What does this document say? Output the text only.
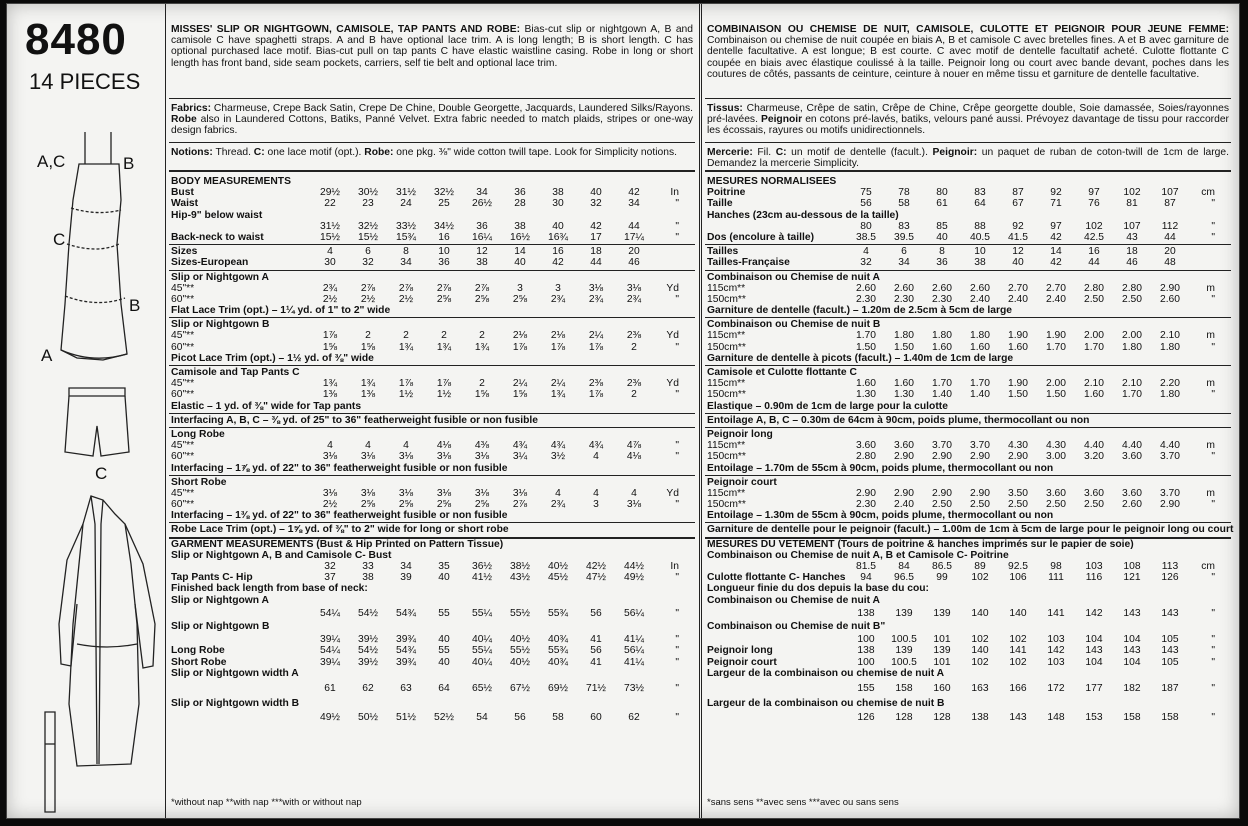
8480
14 PIECES
A,C	B
C
B
A
C
MISSES' SLIP OR NIGHTGOWN, CAMISOLE, TAP PANTS AND ROBE: Bias-cut slip or nightgown A, B and camisole C have spaghetti straps. A and B have optional lace trim. A is long length; B is short length. C has optional purchased lace motif. Bias-cut pull on tap pants C have elastic waistline casing. Robe in long or short length has front band, side seam pockets, carriers, self tie belt and optional lace trim.
Fabrics: Charmeuse, Crepe Back Satin, Crepe De Chine, Double Georgette, Jacquards, Laundered Silks/Rayons. Robe also in Laundered Cottons, Batiks, Panné Velvet. Extra fabric needed to match plaids, stripes or one-way design fabrics.
Notions: Thread. C: one lace motif (opt.). Robe: one pkg. ⅜" wide cotton twill tape. Look for Simplicity notions.
BODY MEASUREMENTS
Bust	29½	30½	31½	32½	34	36	38	40	42	In
Waist	22	23	24	25	26½	28	30	32	34	"
Hip-9" below waist
31½	32½	33½	34½	36	38	40	42	44	"
Back-neck to waist	15½	15½	15¾	16	16¼	16½	16¾	17	17¼	"
Sizes	4	6	8	10	12	14	16	18	20
Sizes-European	30	32	34	36	38	40	42	44	46
Slip or Nightgown A
45"**	2¾	2⅞	2⅞	2⅞	2⅞	3	3	3⅛	3⅛	Yd
60"**	2½	2½	2½	2⅝	2⅝	2⅝	2¾	2¾	2¾	"
Flat Lace Trim (opt.) – 1¼ yd. of 1" to 2" wide
Slip or Nightgown B
45"**	1⅞	2	2	2	2	2⅛	2⅛	2¼	2⅜	Yd
60"**	1⅝	1⅝	1¾	1¾	1¾	1⅞	1⅞	1⅞	2	"
Picot Lace Trim (opt.) – 1½ yd. of ⅜" wide
Camisole and Tap Pants C
45"**	1¾	1¾	1⅞	1⅞	2	2¼	2¼	2⅜	2⅜	Yd
60"**	1⅜	1⅜	1½	1½	1⅝	1⅝	1¾	1⅞	2	"
Elastic – 1 yd. of ⅜" wide for Tap pants
Interfacing A, B, C – ⅜ yd. of 25" to 36" featherweight fusible or non fusible
Long Robe
45"**	4	4	4	4⅛	4⅜	4¾	4¾	4¾	4⅞	"
60"**	3⅛	3⅛	3⅛	3⅛	3⅛	3¼	3½	4	4⅛	"
Interfacing – 1⅞ yd. of 22" to 36" featherweight fusible or non fusible
Short Robe
45"**	3⅛	3⅛	3⅛	3⅛	3⅛	3⅛	4	4	4	Yd
60"**	2½	2⅝	2⅝	2⅝	2⅝	2⅞	2¾	3	3⅛	"
Interfacing – 1⅜ yd. of 22" to 36" featherweight fusible or non fusible
Robe Lace Trim (opt.) – 1⅝ yd. of ⅜" to 2" wide for long or short robe
GARMENT MEASUREMENTS (Bust & Hip Printed on Pattern Tissue)
Slip or Nightgown A, B and Camisole C- Bust
32	33	34	35	36½	38½	40½	42½	44½	In
Tap Pants C- Hip	37	38	39	40	41½	43½	45½	47½	49½	"
Finished back length from base of neck:
Slip or Nightgown A
54¼	54½	54¾	55	55¼	55½	55¾	56	56¼	"
Slip or Nightgown B
39¼	39½	39¾	40	40¼	40½	40¾	41	41¼	"
Long Robe	54¼	54½	54¾	55	55¼	55½	55¾	56	56¼	"
Short Robe	39¼	39½	39¾	40	40¼	40½	40¾	41	41¼	"
Slip or Nightgown width A
61	62	63	64	65½	67½	69½	71½	73½	"
Slip or Nightgown width B
49½	50½	51½	52½	54	56	58	60	62	"
*without nap **with nap ***with or without nap
COMBINAISON OU CHEMISE DE NUIT, CAMISOLE, CULOTTE ET PEIGNOIR POUR JEUNE FEMME: Combinaison ou chemise de nuit coupée en biais A, B et camisole C avec bretelles fines. A et B avec garniture de dentelle facultative. A est longue; B est courte. C avec motif de dentelle facultatif acheté. Culotte flottante C coupée en biais avec élastique coulissé à la taille. Peignoir long ou court avec bande devant, poches dans les coutures de côtés, passants de ceinture, ceinture à nouer en même tissu et garniture de dentelle facultative.
Tissus: Charmeuse, Crêpe de satin, Crêpe de Chine, Crêpe georgette double, Soie damassée, Soies/rayonnes pré-lavées. Peignoir en cotons pré-lavés, batiks, velours pané aussi. Prévoyez davantage de tissu pour raccorder les écossais, rayures ou motifs unidirectionnels.
Mercerie: Fil. C: un motif de dentelle (facult.). Peignoir: un paquet de ruban de coton-twill de 1cm de large. Demandez la mercerie Simplicity.
MESURES NORMALISEES
Poitrine	75	78	80	83	87	92	97	102	107	cm
Taille	56	58	61	64	67	71	76	81	87	"
Hanches (23cm au-dessous de la taille)
80	83	85	88	92	97	102	107	112	"
Dos (encolure à taille)	38.5	39.5	40	40.5	41.5	42	42.5	43	44	"
Tailles	4	6	8	10	12	14	16	18	20
Tailles-Française	32	34	36	38	40	42	44	46	48
Combinaison ou Chemise de nuit A
115cm**	2.60	2.60	2.60	2.60	2.70	2.70	2.80	2.80	2.90	m
150cm**	2.30	2.30	2.30	2.40	2.40	2.40	2.50	2.50	2.60	"
Garniture de dentelle (facult.) – 1.20m de 2.5cm à 5cm de large
Combinaison ou Chemise de nuit B
115cm**	1.70	1.80	1.80	1.80	1.90	1.90	2.00	2.00	2.10	m
150cm**	1.50	1.50	1.60	1.60	1.60	1.70	1.70	1.80	1.80	"
Garniture de dentelle à picots (facult.) – 1.40m de 1cm de large
Camisole et Culotte flottante C
115cm**	1.60	1.60	1.70	1.70	1.90	2.00	2.10	2.10	2.20	m
150cm**	1.30	1.30	1.40	1.40	1.50	1.50	1.60	1.70	1.80	"
Elastique – 0.90m de 1cm de large pour la culotte
Entoilage A, B, C – 0.30m de 64cm à 90cm, poids plume, thermocollant ou non
Peignoir long
115cm**	3.60	3.60	3.70	3.70	4.30	4.30	4.40	4.40	4.40	m
150cm**	2.80	2.90	2.90	2.90	2.90	3.00	3.20	3.60	3.70	"
Entoilage – 1.70m de 55cm à 90cm, poids plume, thermocollant ou non
Peignoir court
115cm**	2.90	2.90	2.90	2.90	3.50	3.60	3.60	3.60	3.70	m
150cm**	2.30	2.40	2.50	2.50	2.50	2.50	2.50	2.60	2.90	"
Entoilage – 1.30m de 55cm à 90cm, poids plume, thermocollant ou non
Garniture de dentelle pour le peignoir (facult.) – 1.00m de 1cm à 5cm de large pour le peignoir long ou court
MESURES DU VETEMENT (Tours de poitrine & hanches imprimés sur le papier de soie)
Combinaison ou Chemise de nuit A, B et Camisole C- Poitrine
81.5	84	86.5	89	92.5	98	103	108	113	cm
Culotte flottante C- Hanches	94	96.5	99	102	106	111	116	121	126	"
Longueur finie du dos depuis la base du cou:
Combinaison ou Chemise de nuit A
138	139	139	140	140	141	142	143	143	"
Combinaison ou Chemise de nuit B"
100	100.5	101	102	102	103	104	104	105	"
Peignoir long	138	139	139	140	141	142	143	143	143	"
Peignoir court	100	100.5	101	102	102	103	104	104	105	"
Largeur de la combinaison ou chemise de nuit A
155	158	160	163	166	172	177	182	187	"
Largeur de la combinaison ou chemise de nuit B
126	128	128	138	143	148	153	158	158	"
*sans sens **avec sens ***avec ou sans sens
